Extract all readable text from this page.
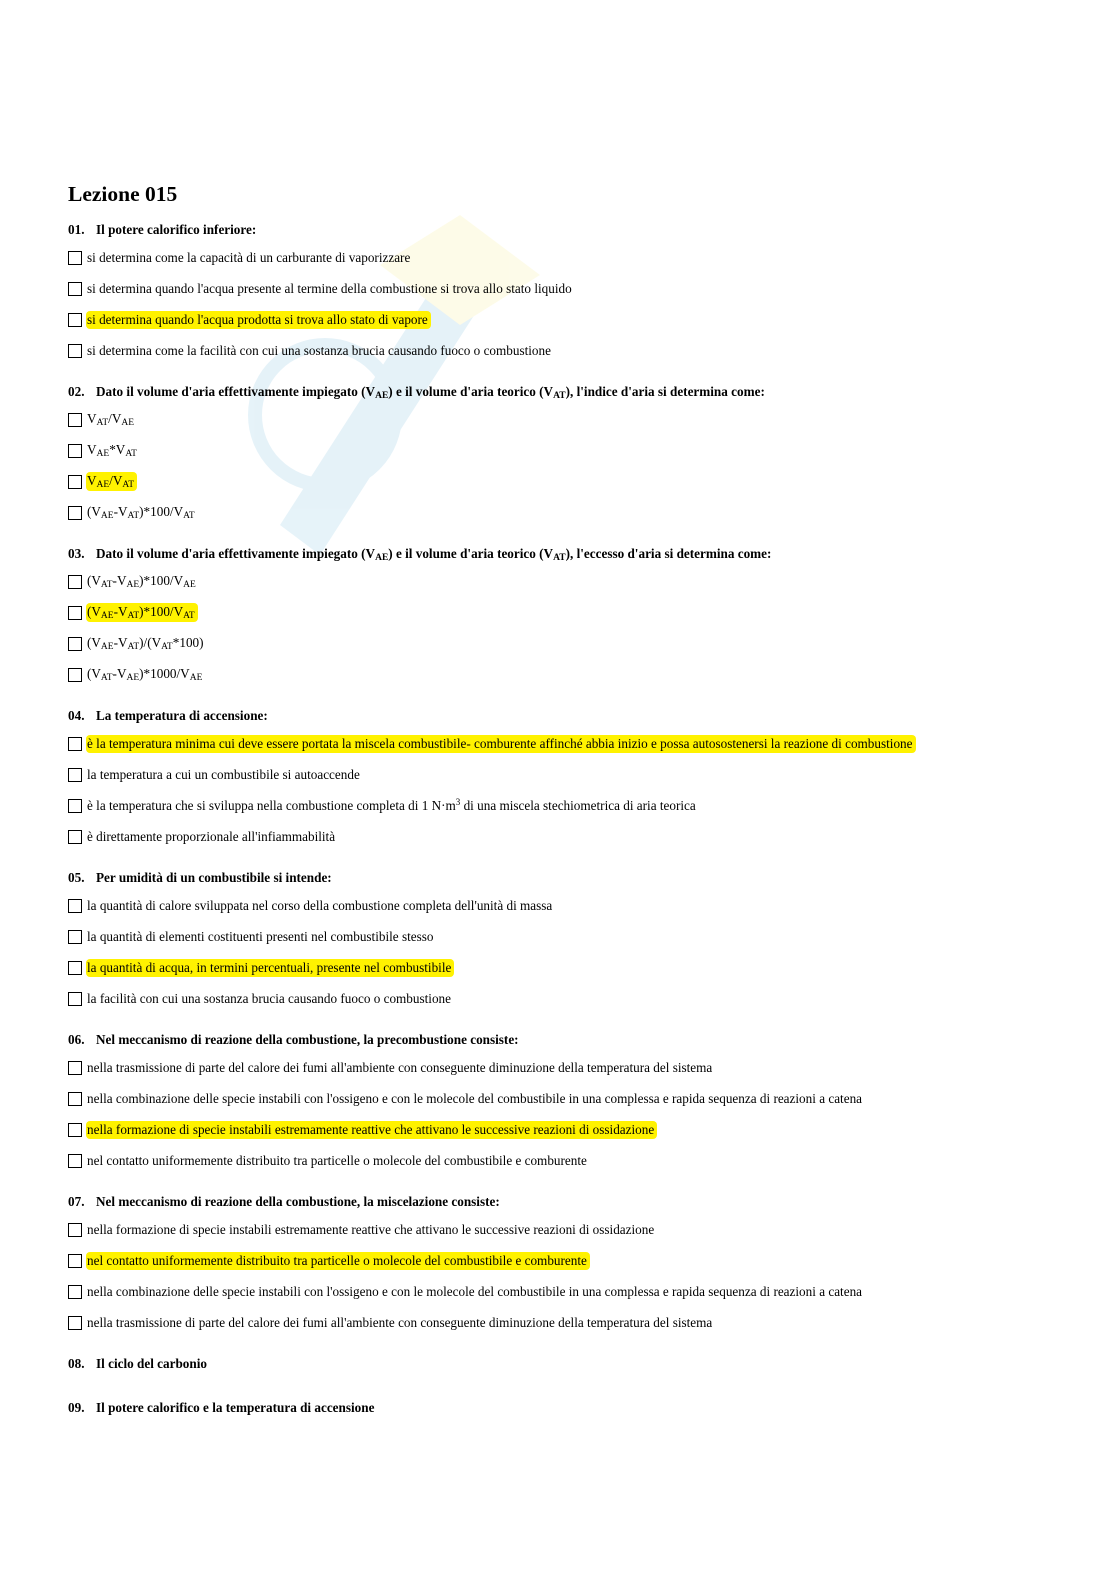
Lezione 015
01. Il potere calorifico inferiore:
si determina come la capacità di un carburante di vaporizzare
si determina quando l'acqua presente al termine della combustione si trova allo stato liquido
si determina quando l'acqua prodotta si trova allo stato di vapore
si determina come la facilità con cui una sostanza brucia causando fuoco o combustione
02. Dato il volume d'aria effettivamente impiegato $(V_{AE})$ e il volume d'aria teorico $(V_{AT})$, l'indice d'aria si determina come:
$V_{AT}/V_{AE}$
$V_{AE}*V_{AT}$
$V_{AE}/V_{AT}$
$(V_{AE}-V_{AT})*100/V_{AT}$
03. Dato il volume d'aria effettivamente impiegato $(V_{AE})$ e il volume d'aria teorico $(V_{AT})$, l'eccesso d'aria si determina come:
$(V_{AT}-V_{AE})*100/V_{AE}$
$(V_{AE}-V_{AT})*100/V_{AT}$
$(V_{AE}-V_{AT})/(V_{AT}*100)$
$(V_{AT}-V_{AE})*1000/V_{AE}$
04. La temperatura di accensione:
è la temperatura minima cui deve essere portata la miscela combustibile- comburente affinché abbia inizio e possa autosostenersi la reazione di combustione
la temperatura a cui un combustibile si autoaccende
è la temperatura che si sviluppa nella combustione completa di 1 $N\cdot m^3$ di una miscela stechiometrica di aria teorica
è direttamente proporzionale all'infiammabilità
05. Per umidità di un combustibile si intende:
la quantità di calore sviluppata nel corso della combustione completa dell'unità di massa
la quantità di elementi costituenti presenti nel combustibile stesso
la quantità di acqua, in termini percentuali, presente nel combustibile
la facilità con cui una sostanza brucia causando fuoco o combustione
06. Nel meccanismo di reazione della combustione, la precombustione consiste:
nella trasmissione di parte del calore dei fumi all'ambiente con conseguente diminuzione della temperatura del sistema
nella combinazione delle specie instabili con l'ossigeno e con le molecole del combustibile in una complessa e rapida sequenza di reazioni a catena
nella formazione di specie instabili estremamente reattive che attivano le successive reazioni di ossidazione
nel contatto uniformemente distribuito tra particelle o molecole del combustibile e comburente
07. Nel meccanismo di reazione della combustione, la miscelazione consiste:
nella formazione di specie instabili estremamente reattive che attivano le successive reazioni di ossidazione
nel contatto uniformemente distribuito tra particelle o molecole del combustibile e comburente
nella combinazione delle specie instabili con l'ossigeno e con le molecole del combustibile in una complessa e rapida sequenza di reazioni a catena
nella trasmissione di parte del calore dei fumi all'ambiente con conseguente diminuzione della temperatura del sistema
08. Il ciclo del carbonio
09. Il potere calorifico e la temperatura di accensione
